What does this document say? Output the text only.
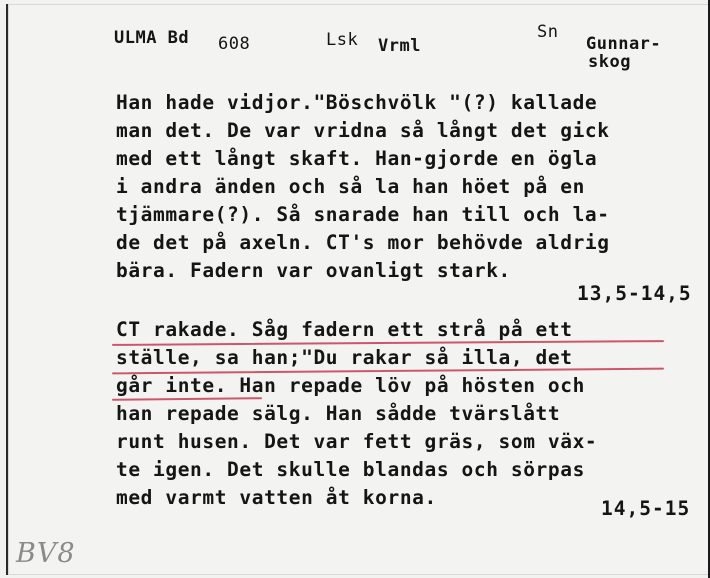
ULMA Bd 608	Lsk Vrml
Sn
Gunnar-
skog
Han hade vidjor."Böschvölk "(?) kallade
man det. De var vridna så långt det gick
med ett långt skaft. Han-gjorde en ögla
i andra änden och så la han höet på en
tjämmare(?). Så snarade han till och la-
de det på axeln. CT's mor behövde aldrig
bära. Fadern var ovanligt stark.
13,5-14,5
CT rakade. Såg fadern ett strå på ett
ställe, sa han;"Du rakar så illa, det
går inte. Han repade löv på hösten och
han repade sälg. Han sådde tvärslått
runt husen. Det var fett gräs, som väx-
te igen. Det skulle blandas och sörpas
med varmt vatten åt korna.	14,5-15
BV8
